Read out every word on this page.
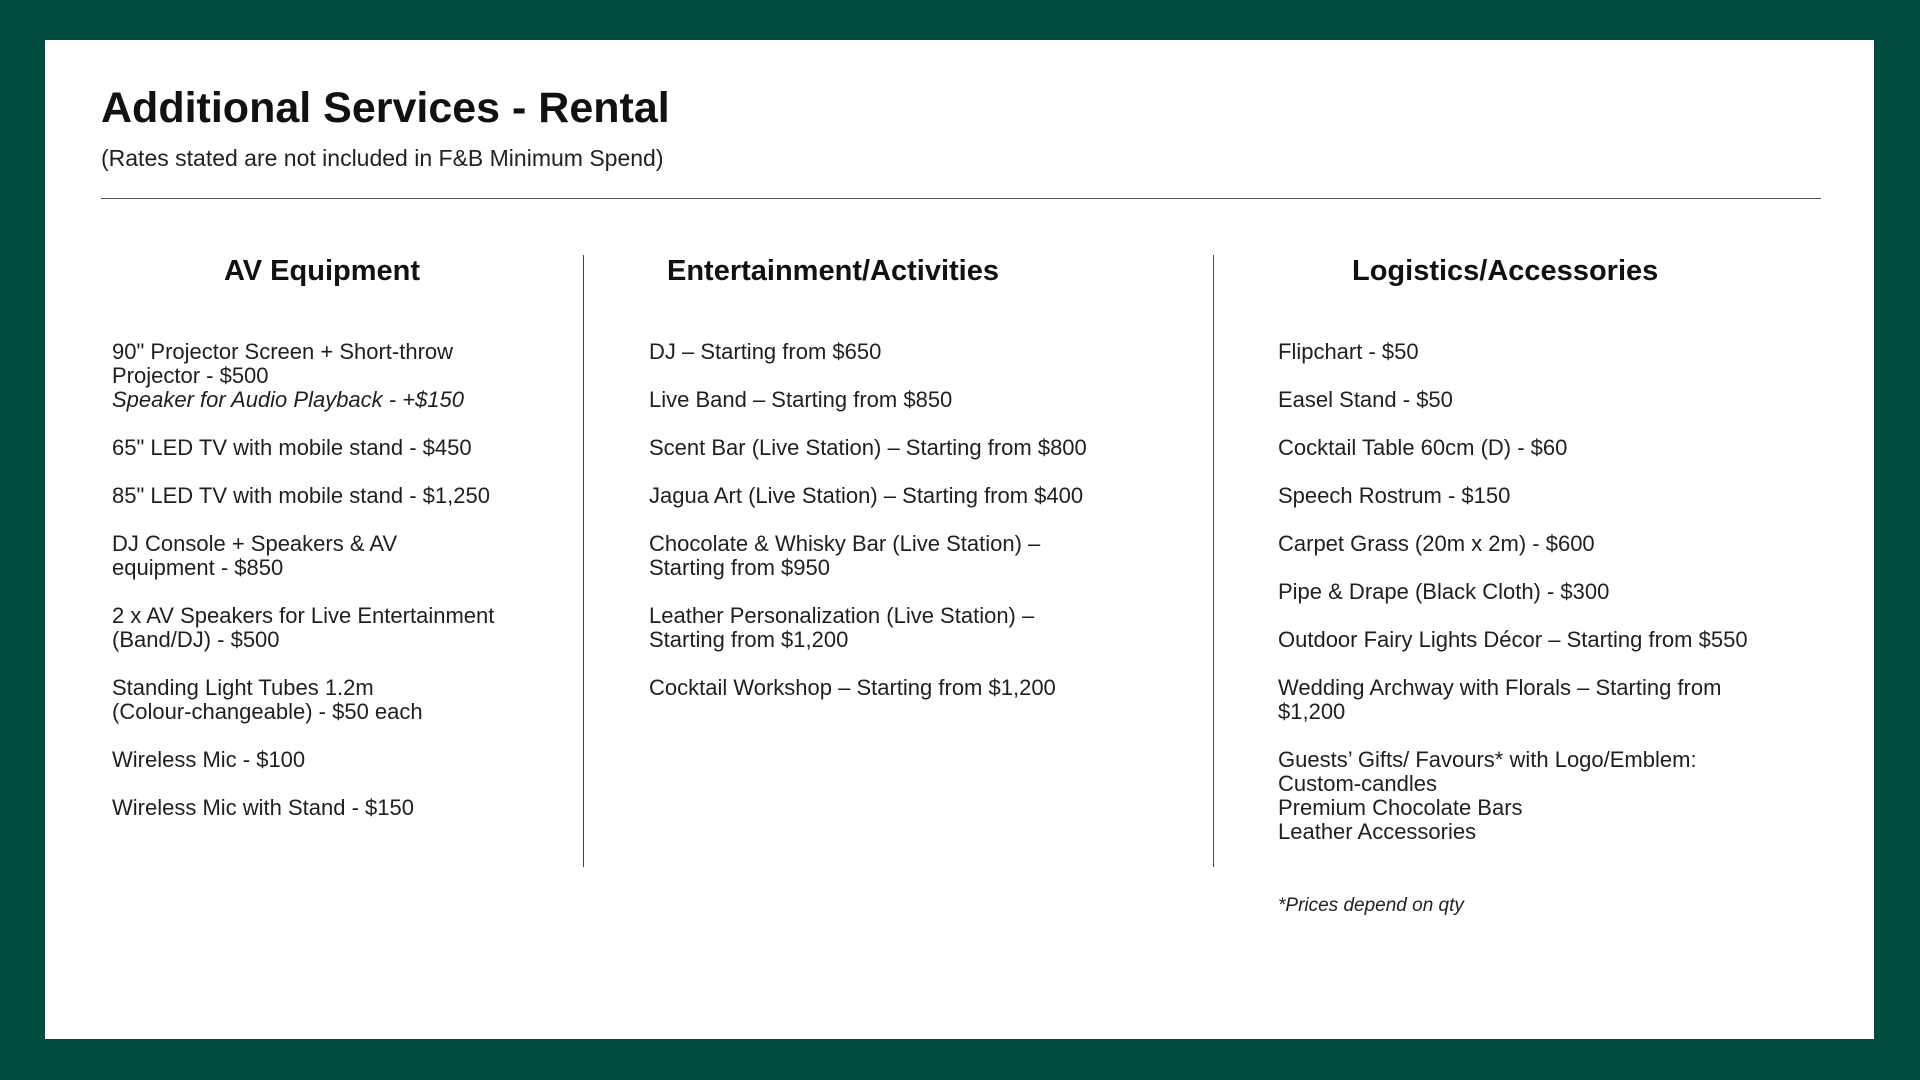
Additional Services - Rental

(Rates stated are not included in F&B Minimum Spend)

AV Equipment
90" Projector Screen + Short-throw
Projector - $500
Speaker for Audio Playback - +$150
65" LED TV with mobile stand - $450
85" LED TV with mobile stand - $1,250
DJ Console + Speakers & AV
equipment - $850
2 x AV Speakers for Live Entertainment
(Band/DJ) - $500
Standing Light Tubes 1.2m
(Colour-changeable) - $50 each
Wireless Mic - $100
Wireless Mic with Stand - $150
Entertainment/Activities
DJ – Starting from $650
Live Band – Starting from $850
Scent Bar (Live Station) – Starting from $800
Jagua Art (Live Station) – Starting from $400
Chocolate & Whisky Bar (Live Station) –
Starting from $950
Leather Personalization (Live Station) –
Starting from $1,200
Cocktail Workshop – Starting from $1,200
Logistics/Accessories
Flipchart - $50
Easel Stand - $50
Cocktail Table 60cm (D) - $60
Speech Rostrum - $150
Carpet Grass (20m x 2m) - $600
Pipe & Drape (Black Cloth) - $300
Outdoor Fairy Lights Décor – Starting from $550
Wedding Archway with Florals – Starting from
$1,200
Guests’ Gifts/ Favours* with Logo/Emblem:
Custom-candles
Premium Chocolate Bars
Leather Accessories

*Prices depend on qty
